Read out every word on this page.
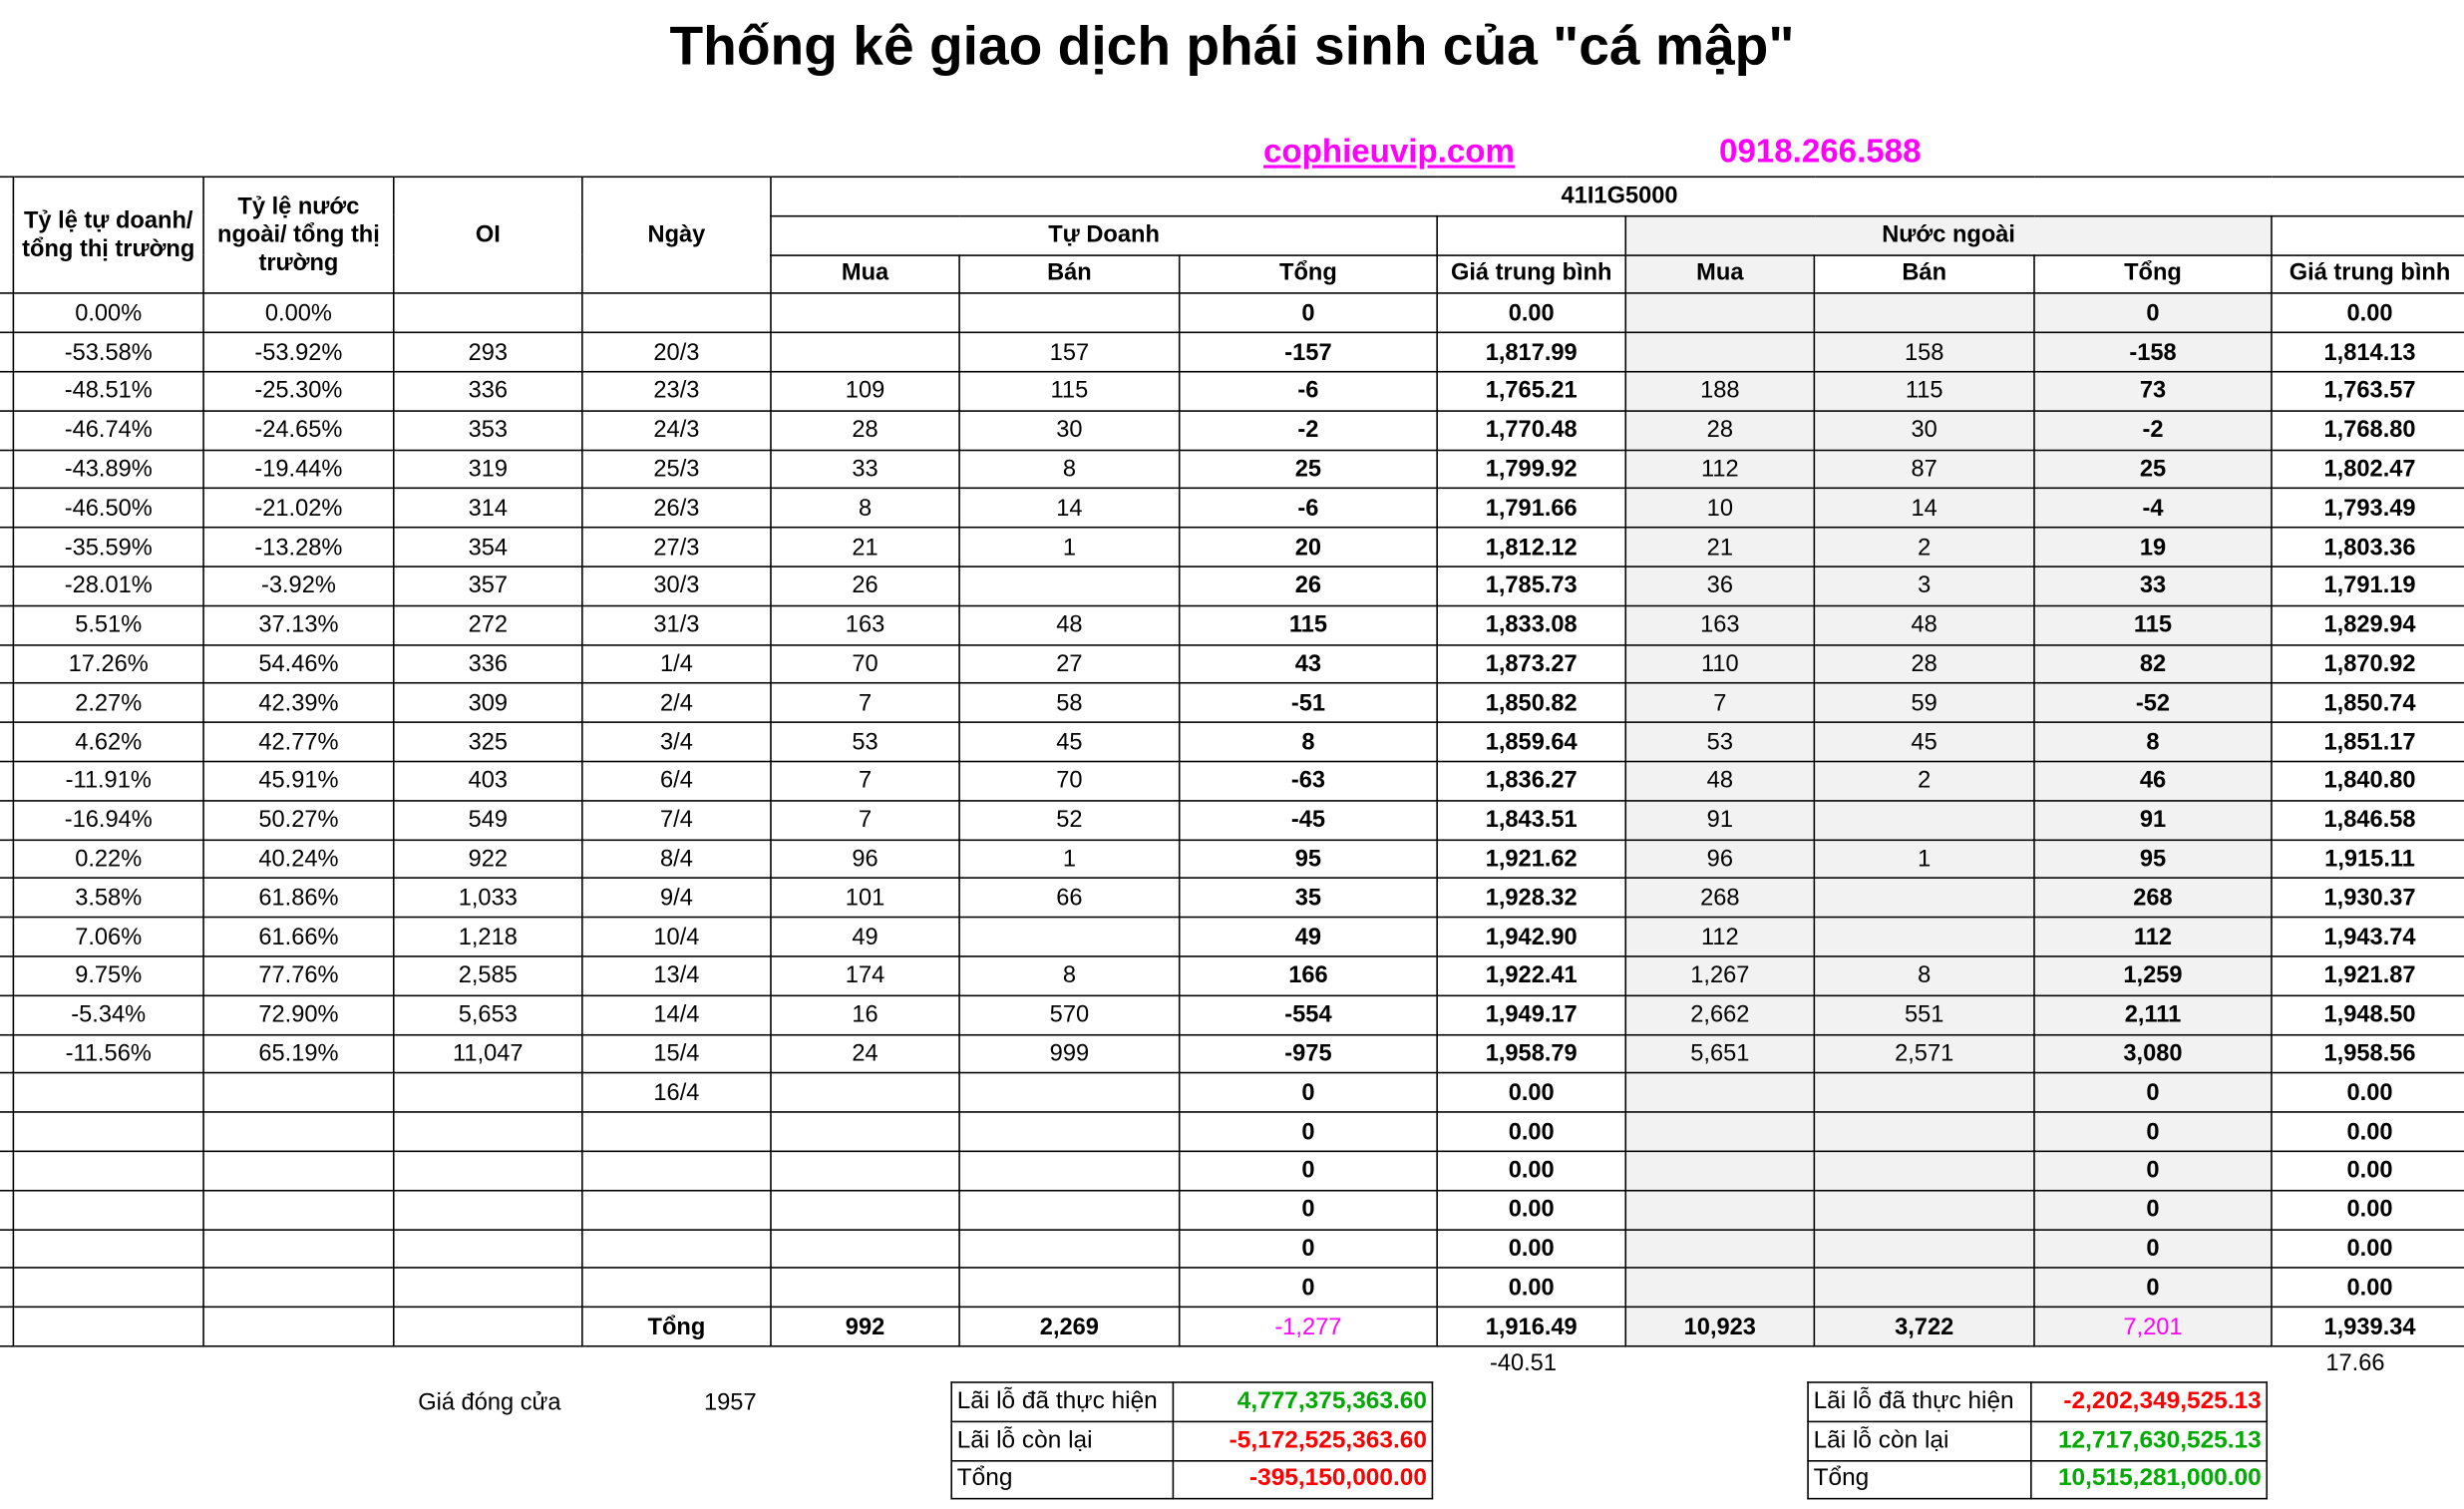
Thống kê giao dịch phái sinh của "cá mập"
cophieuvip.com	0918.266.588
	Tỷ lệ tự doanh/ tổng thị trường	Tỷ lệ nước ngoài/ tổng thị trường	OI	Ngày	41I1G5000							
					Tự Doanh				Nước ngoài			
					Mua	Bán	Tổng	Giá trung bình	Mua	Bán	Tổng	Giá trung bình
	0.00%	0.00%					0	0.00			0	0.00
	-53.58%	-53.92%	293	20/3		157	-157	1,817.99		158	-158	1,814.13
	-48.51%	-25.30%	336	23/3	109	115	-6	1,765.21	188	115	73	1,763.57
	-46.74%	-24.65%	353	24/3	28	30	-2	1,770.48	28	30	-2	1,768.80
	-43.89%	-19.44%	319	25/3	33	8	25	1,799.92	112	87	25	1,802.47
	-46.50%	-21.02%	314	26/3	8	14	-6	1,791.66	10	14	-4	1,793.49
	-35.59%	-13.28%	354	27/3	21	1	20	1,812.12	21	2	19	1,803.36
	-28.01%	-3.92%	357	30/3	26		26	1,785.73	36	3	33	1,791.19
	5.51%	37.13%	272	31/3	163	48	115	1,833.08	163	48	115	1,829.94
	17.26%	54.46%	336	1/4	70	27	43	1,873.27	110	28	82	1,870.92
	2.27%	42.39%	309	2/4	7	58	-51	1,850.82	7	59	-52	1,850.74
	4.62%	42.77%	325	3/4	53	45	8	1,859.64	53	45	8	1,851.17
	-11.91%	45.91%	403	6/4	7	70	-63	1,836.27	48	2	46	1,840.80
	-16.94%	50.27%	549	7/4	7	52	-45	1,843.51	91		91	1,846.58
	0.22%	40.24%	922	8/4	96	1	95	1,921.62	96	1	95	1,915.11
	3.58%	61.86%	1,033	9/4	101	66	35	1,928.32	268		268	1,930.37
	7.06%	61.66%	1,218	10/4	49		49	1,942.90	112		112	1,943.74
	9.75%	77.76%	2,585	13/4	174	8	166	1,922.41	1,267	8	1,259	1,921.87
	-5.34%	72.90%	5,653	14/4	16	570	-554	1,949.17	2,662	551	2,111	1,948.50
	-11.56%	65.19%	11,047	15/4	24	999	-975	1,958.79	5,651	2,571	3,080	1,958.56
				16/4			0	0.00			0	0.00
							0	0.00			0	0.00
							0	0.00			0	0.00
							0	0.00			0	0.00
							0	0.00			0	0.00
							0	0.00			0	0.00
				Tổng	992	2,269	-1,277	1,916.49	10,923	3,722	7,201	1,939.34
-40.51	17.66
Giá đóng cửa	1957	Lãi lỗ đã thực hiện	4,777,375,363.60
Lãi lỗ còn lại	-5,172,525,363.60
Tổng	-395,150,000.00
Lãi lỗ đã thực hiện	-2,202,349,525.13
Lãi lỗ còn lại	12,717,630,525.13
Tổng	10,515,281,000.00
